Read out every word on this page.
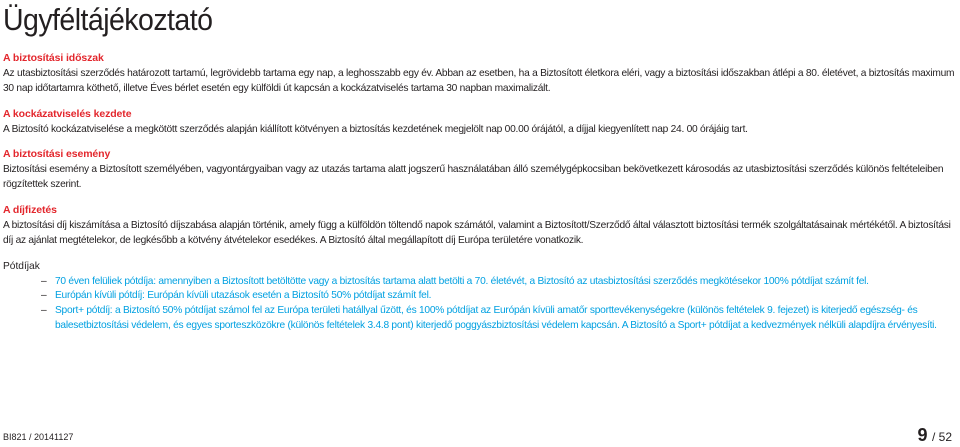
Ügyféltájékoztató
A biztosítási időszak

Az utasbiztosítási szerződés határozott tartamú, legrövidebb tartama egy nap, a leghosszabb egy év. Abban az esetben, ha a Biztosított életkora eléri, vagy a biztosítási időszakban átlépi a 80. életévet, a biztosítás maximum 30 nap időtartamra köthető, illetve Éves bérlet esetén egy külföldi út kapcsán a kockázatviselés tartama 30 napban maximalizált.

A kockázatviselés kezdete

A Biztosító kockázatviselése a megkötött szerződés alapján kiállított kötvényen a biztosítás kezdetének megjelölt nap 00.00 órájától, a díjjal kiegyenlített nap 24. 00 órájáig tart.

A biztosítási esemény

Biztosítási esemény a Biztosított személyében, vagyontárgyaiban vagy az utazás tartama alatt jogszerű használatában álló személygépkocsiban bekövetkezett károsodás az utasbiztosítási szerződés különös feltételeiben rögzítettek szerint.

A díjfizetés

A biztosítási díj kiszámítása a Biztosító díjszabása alapján történik, amely függ a külföldön töltendő napok számától, valamint a Biztosított/Szerződő által választott biztosítási termék szolgáltatásainak mértékétől. A biztosítási díj az ajánlat megtételekor, de legkésőbb a kötvény átvételekor esedékes. A Biztosító által megállapított díj Európa területére vonatkozik.

Pótdíjak
– 70 éven felüliek pótdíja: amennyiben a Biztosított betöltötte vagy a biztosítás tartama alatt betölti a 70. életévét, a Biztosító az utasbiztosítási szerződés megkötésekor 100% pótdíjat számít fel.
– Európán kívüli pótdíj: Európán kívüli utazások esetén a Biztosító 50% pótdíjat számít fel.
– Sport+ pótdíj: a Biztosító 50% pótdíjat számol fel az Európa területi hatállyal űzött, és 100% pótdíjat az Európán kívüli amatőr sporttevékenységekre (különös feltételek 9. fejezet) is kiterjedő egészség- és balesetbiztosítási védelem, és egyes sporteszközökre (különös feltételek 3.4.8 pont) kiterjedő poggyászbiztosítási védelem kapcsán. A Biztosító a Sport+ pótdíjat a kedvezmények nélküli alapdíjra érvényesíti.
BI821 / 20141127	9 / 52
